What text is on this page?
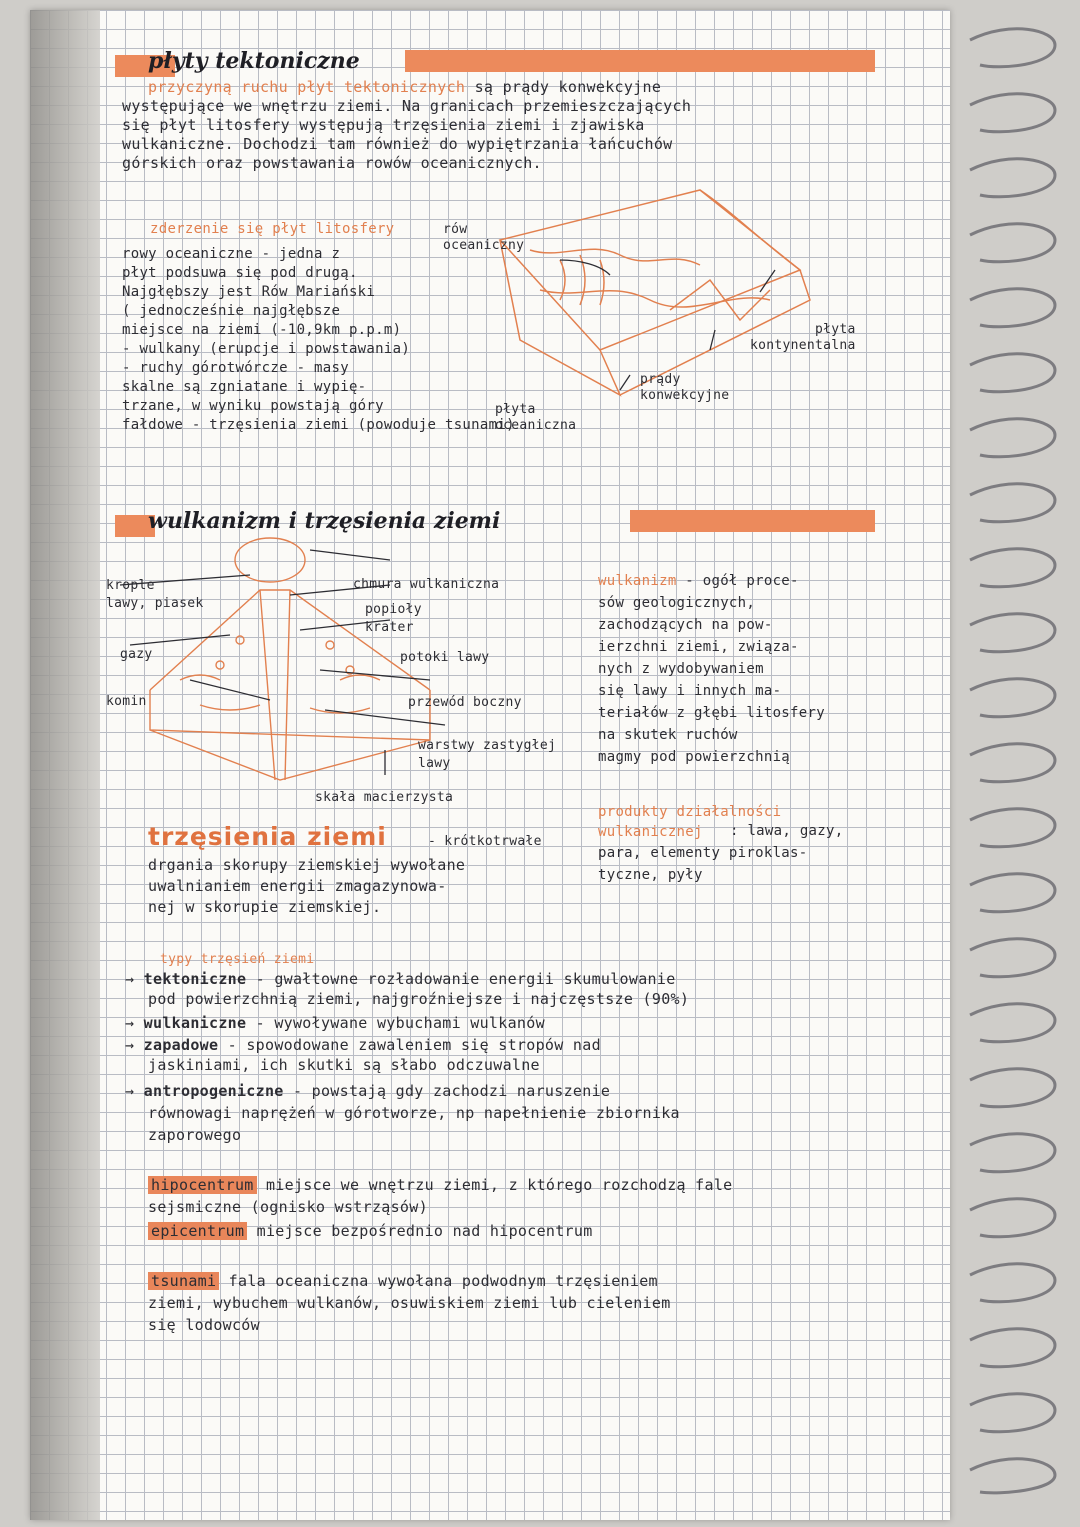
płyty tektoniczne
przyczyną ruchu płyt tektonicznych są prądy konwekcyjne
występujące we wnętrzu ziemi. Na granicach przemieszczających
się płyt litosfery występują trzęsienia ziemi i zjawiska
wulkaniczne. Dochodzi tam również do wypiętrzania łańcuchów
górskich oraz powstawania rowów oceanicznych.
zderzenie się płyt litosfery
rowy oceaniczne - jedna z
płyt podsuwa się pod drugą.
Najgłębszy jest Rów Mariański
( jednocześnie najgłębsze
miejsce na ziemi (-10,9km p.p.m)
- wulkany (erupcje i powstawania)
- ruchy górotwórcze - masy
skalne są zgniatane i wypię-
trzane, w wyniku powstają góry
fałdowe - trzęsienia ziemi (powoduje tsunami)
rów
oceaniczny
płyta
kontynentalna
prądy
konwekcyjne
płyta
oceaniczna
wulkanizm i trzęsienia ziemi
krople
lawy, piasek
gazy
komin
chmura wulkaniczna
popioły
krater
potoki lawy
przewód boczny
warstwy zastygłej
lawy
skała macierzysta
wulkanizm - ogół proce-
sów geologicznych,
zachodzących na pow-
ierzchni ziemi, związa-
nych z wydobywaniem
się lawy i innych ma-
teriałów z głębi litosfery
na skutek ruchów
magmy pod powierzchnią
produkty działalności
wulkanicznej	: lawa, gazy,
para, elementy piroklas-
tyczne, pyły
trzęsienia ziemi	- krótkotrwałe
drgania skorupy ziemskiej wywołane
uwalnianiem energii zmagazynowa-
nej w skorupie ziemskiej.
typy trzęsień ziemi
→ tektoniczne - gwałtowne rozładowanie energii skumulowanie
pod powierzchnią ziemi, najgroźniejsze i najczęstsze (90%)
→ wulkaniczne - wywoływane wybuchami wulkanów
→ zapadowe - spowodowane zawaleniem się stropów nad
jaskiniami, ich skutki są słabo odczuwalne
→ antropogeniczne - powstają gdy zachodzi naruszenie
równowagi naprężeń w górotworze, np napełnienie zbiornika
zaporowego
hipocentrum miejsce we wnętrzu ziemi, z którego rozchodzą fale
sejsmiczne (ognisko wstrząsów)
epicentrum miejsce bezpośrednio nad hipocentrum
tsunami fala oceaniczna wywołana podwodnym trzęsieniem
ziemi, wybuchem wulkanów, osuwiskiem ziemi lub cieleniem
się lodowców
